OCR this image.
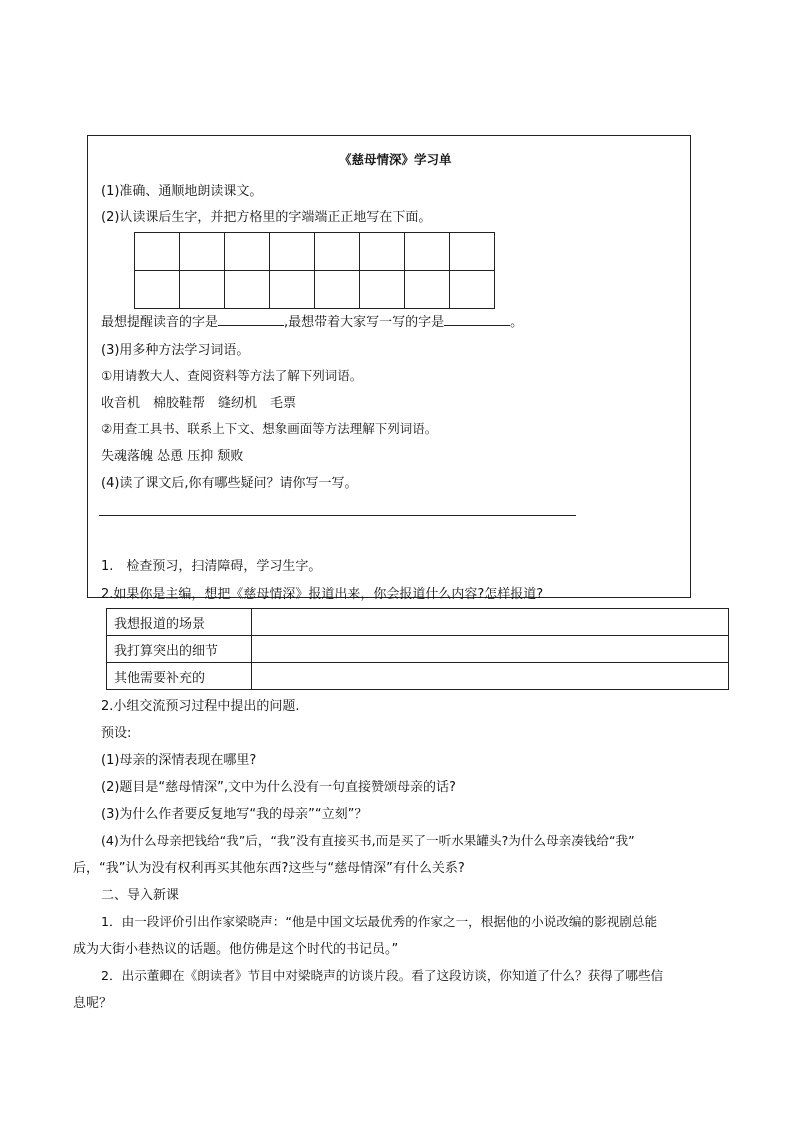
《慈母情深》学习单
(1)准确、通顺地朗读课文。
(2)认读课后生字，并把方格里的字端端正正地写在下面。
最想提醒读音的字是	,最想带着大家写一写的字是	。
(3)用多种方法学习词语。
①用请教大人、查阅资料等方法了解下列词语。
收音机　棉胶鞋帮　缝纫机　毛票
②用查工具书、联系上下文、想象画面等方法理解下列词语。
失魂落魄 怂恿 压抑 颓败
(4)读了课文后,你有哪些疑问？请你写一写。
1.　检查预习，扫清障碍，学习生字。
2.如果你是主编，想把《慈母情深》报道出来，你会报道什么内容?怎样报道?
我想报道的场景	
我打算突出的细节	
其他需要补充的	
2.小组交流预习过程中提出的问题.
预设:
(1)母亲的深情表现在哪里?
(2)题目是“慈母情深”,文中为什么没有一句直接赞颂母亲的话?
(3)为什么作者要反复地写“我的母亲”“立刻”？
(4)为什么母亲把钱给“我”后，“我”没有直接买书,而是买了一听水果罐头?为什么母亲凑钱给“我”
后，“我”认为没有权利再买其他东西?这些与“慈母情深”有什么关系?
二、导入新课
1．由一段评价引出作家梁晓声：“他是中国文坛最优秀的作家之一，根据他的小说改编的影视剧总能
成为大街小巷热议的话题。他仿佛是这个时代的书记员。”
2．出示董卿在《朗读者》节目中对梁晓声的访谈片段。看了这段访谈，你知道了什么？获得了哪些信
息呢？
